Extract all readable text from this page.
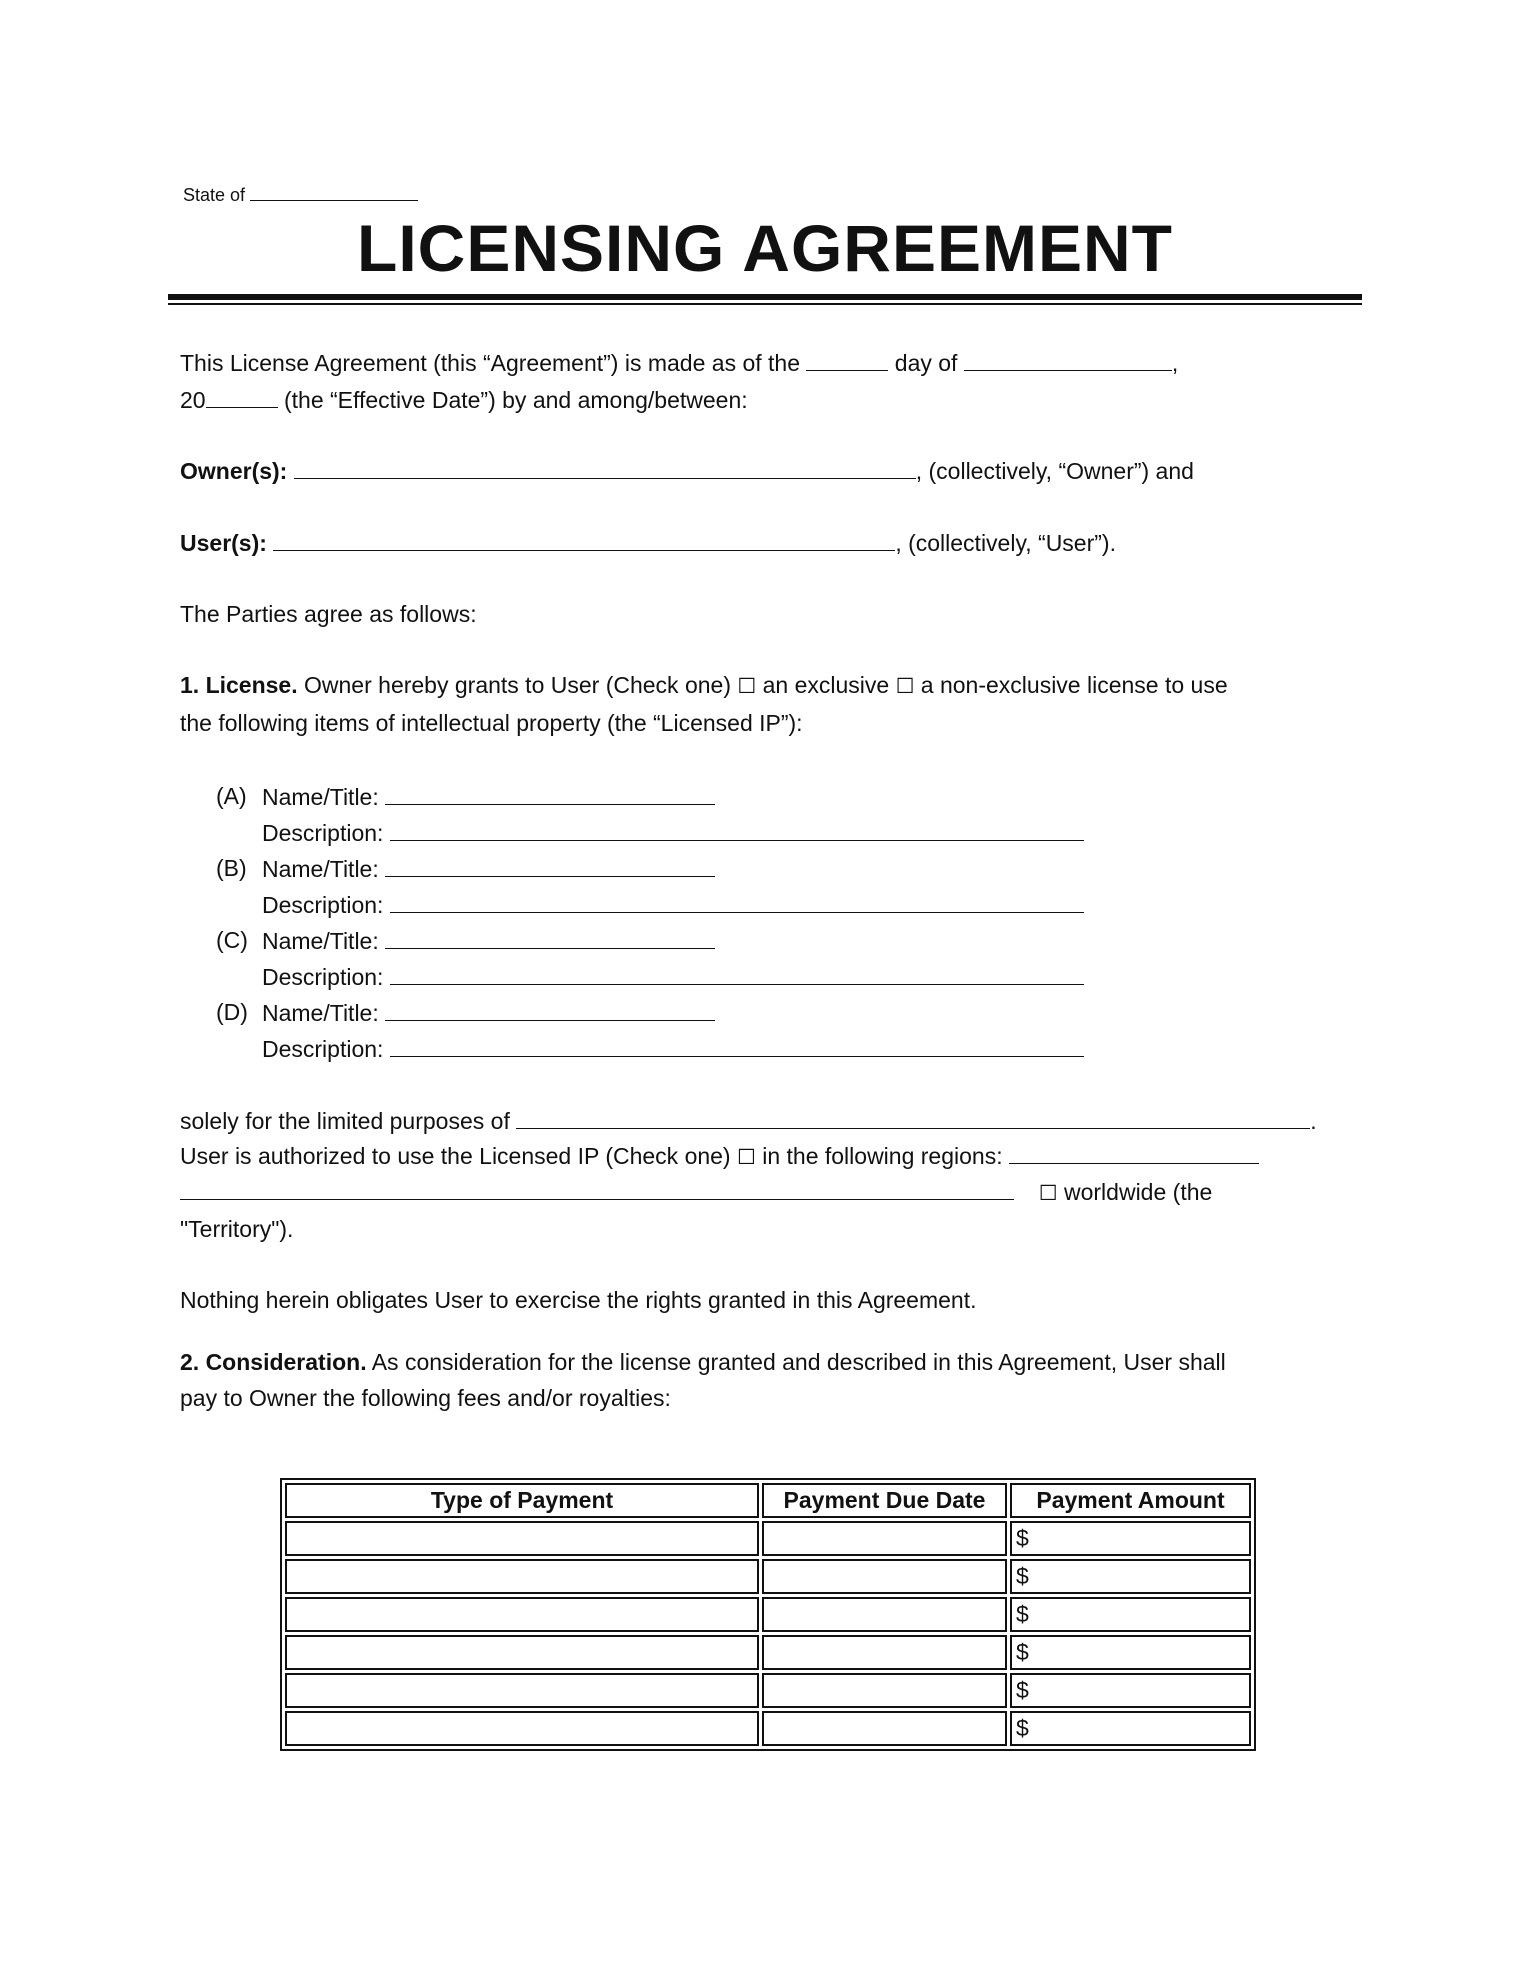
State of
LICENSING AGREEMENT
This License Agreement (this “Agreement”) is made as of the	day of	,
20	(the “Effective Date”) by and among/between:
Owner(s):	, (collectively, “Owner”) and
User(s):	, (collectively, “User”).
The Parties agree as follows:
1. License. Owner hereby grants to User (Check one) ☐ an exclusive ☐ a non-exclusive license to use
the following items of intellectual property (the “Licensed IP”):
(A) Name/Title:
Description:
(B) Name/Title:
Description:
(C) Name/Title:
Description:
(D) Name/Title:
Description:
solely for the limited purposes of	.
User is authorized to use the Licensed IP (Check one) ☐ in the following regions:
☐ worldwide (the
"Territory").
Nothing herein obligates User to exercise the rights granted in this Agreement.
2. Consideration. As consideration for the license granted and described in this Agreement, User shall
pay to Owner the following fees and/or royalties:
Type of Payment	Payment Due Date	Payment Amount
		$
		$
		$
		$
		$
		$
